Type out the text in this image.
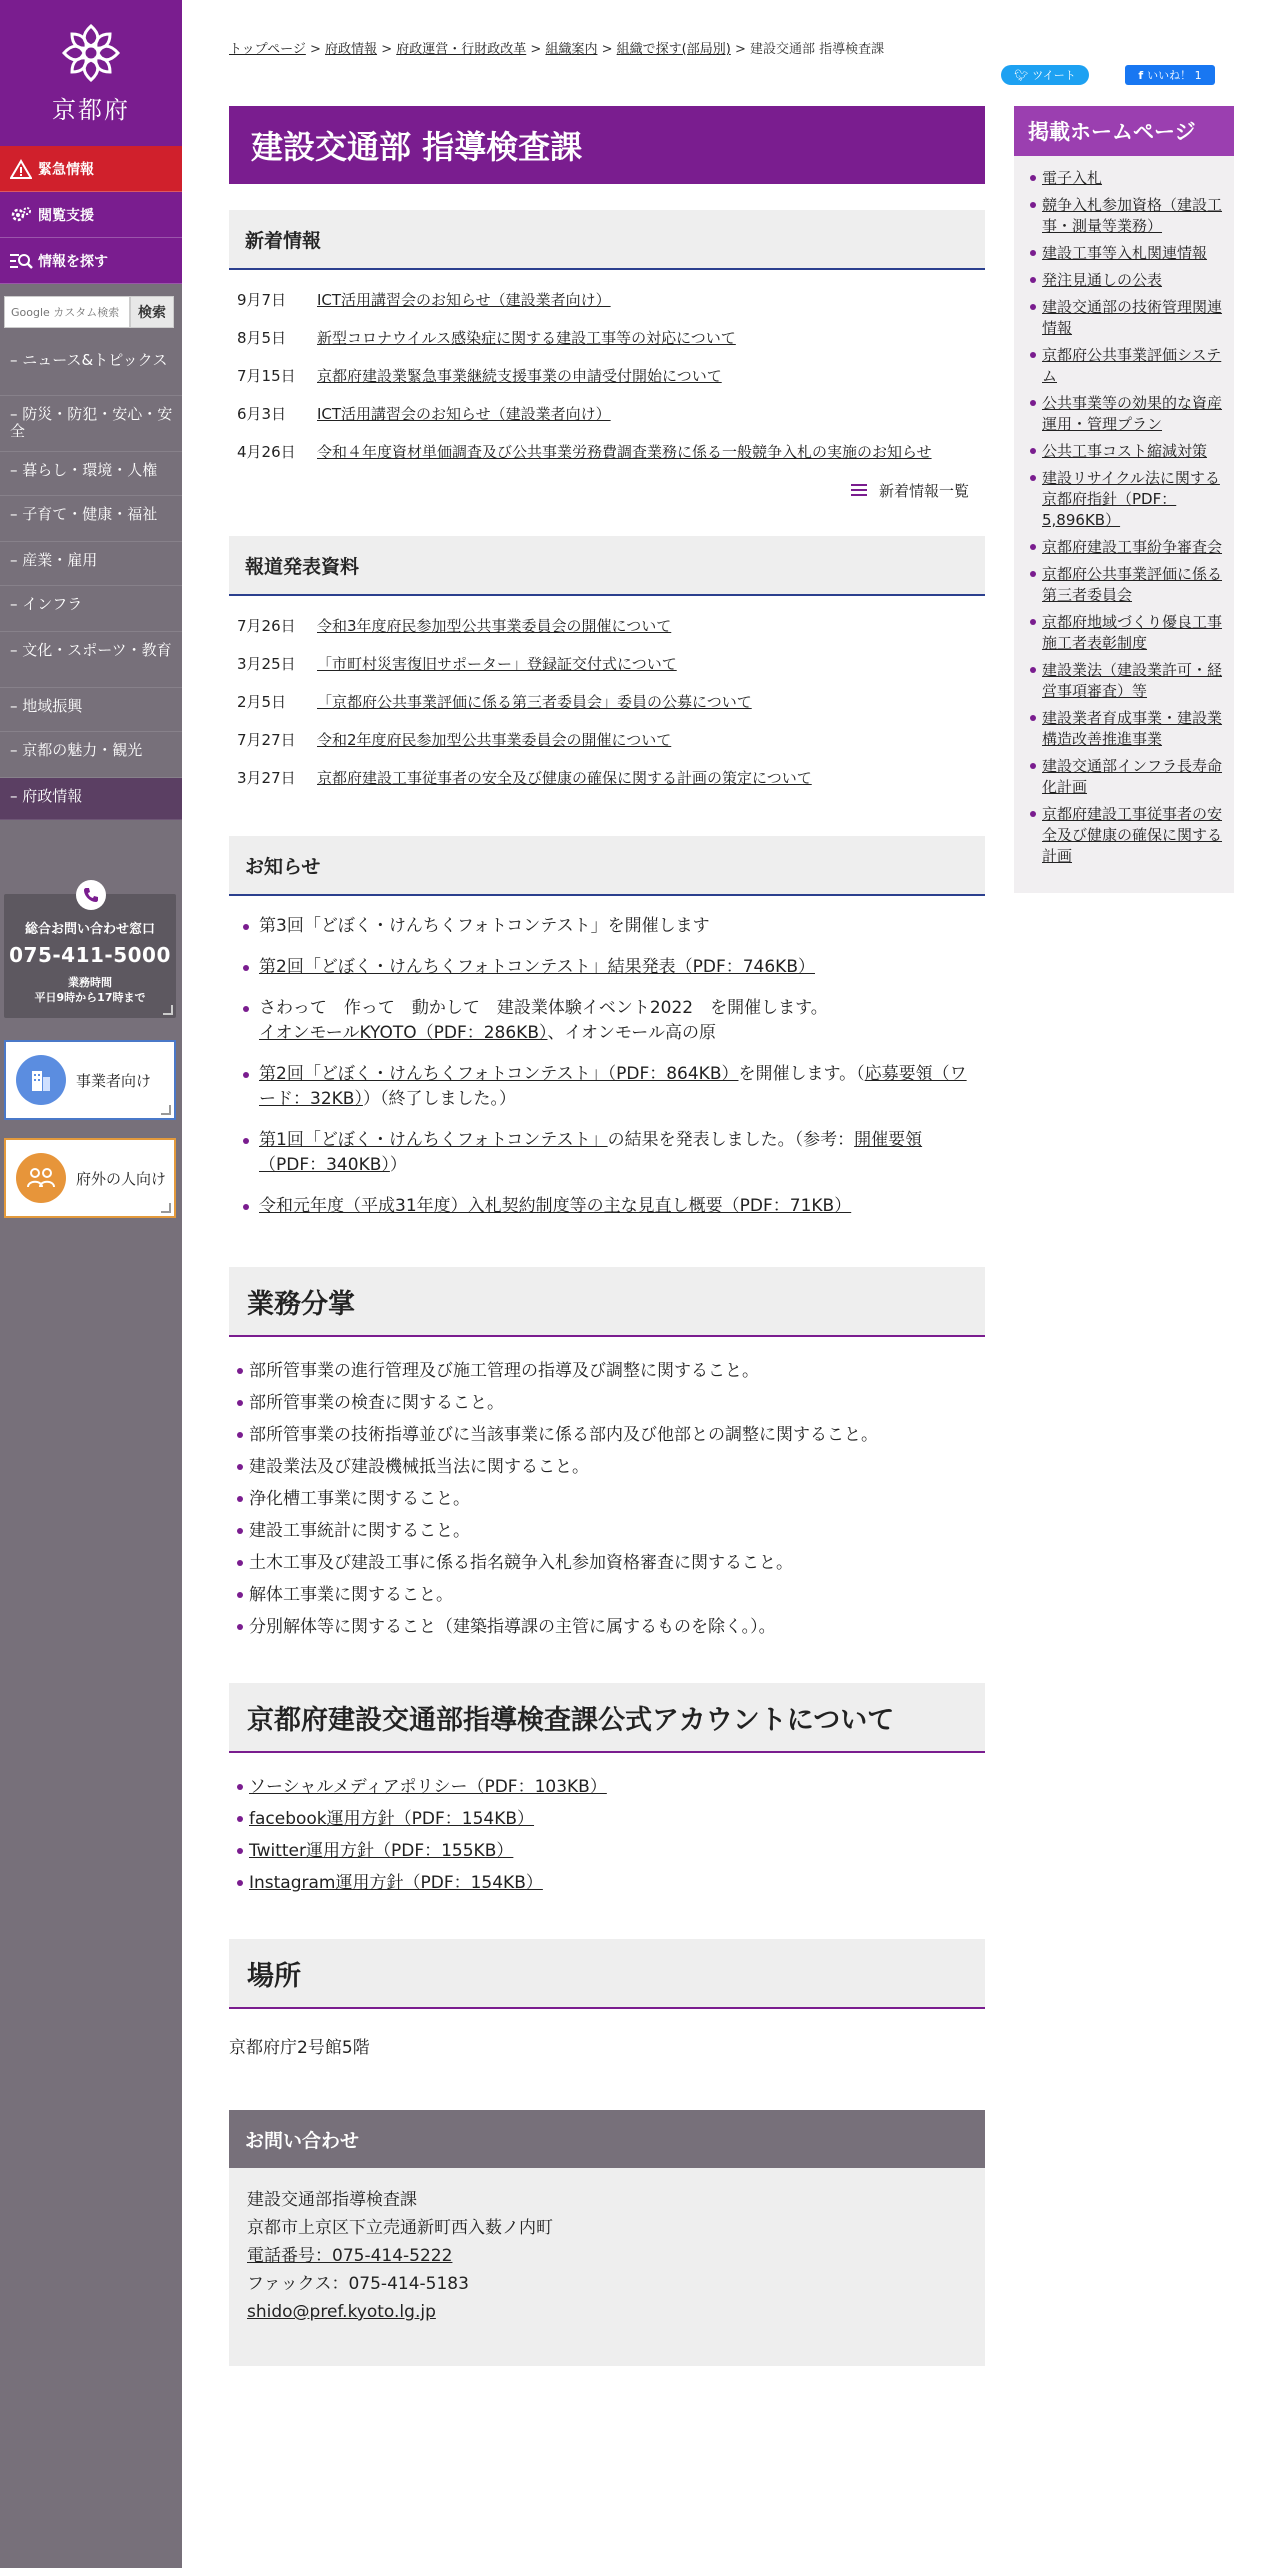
京都府
緊急情報
閲覧支援
情報を探す
Google カスタム検索
検索
– ニュース&トピックス
– 防災・防犯・安心・安全
– 暮らし・環境・人権
– 子育て・健康・福祉
– 産業・雇用
– インフラ
– 文化・スポーツ・教育
– 地域振興
– 京都の魅力・観光
– 府政情報
総合お問い合わせ窓口
075-411-5000
業務時間
平日9時から17時まで
事業者向け
府外の人向け
トップページ > 府政情報 > 府政運営・行財政改革 > 組織案内 > 組織で探す(部局別) > 建設交通部 指導検査課
🐦︎ ツイート	f いいね！ 1
建設交通部 指導検査課
新着情報
9月7日	ICT活用講習会のお知らせ（建設業者向け）
8月5日	新型コロナウイルス感染症に関する建設工事等の対応について
7月15日	京都府建設業緊急事業継続支援事業の申請受付開始について
6月3日	ICT活用講習会のお知らせ（建設業者向け）
4月26日	令和４年度資材単価調査及び公共事業労務費調査業務に係る一般競争入札の実施のお知らせ
新着情報一覧
報道発表資料
7月26日	令和3年度府民参加型公共事業委員会の開催について
3月25日	「市町村災害復旧サポーター」登録証交付式について
2月5日	「京都府公共事業評価に係る第三者委員会」委員の公募について
7月27日	令和2年度府民参加型公共事業委員会の開催について
3月27日	京都府建設工事従事者の安全及び健康の確保に関する計画の策定について
お知らせ
第3回「どぼく・けんちくフォトコンテスト」を開催します
第2回「どぼく・けんちくフォトコンテスト」結果発表（PDF：746KB）
さわって　作って　動かして　建設業体験イベント2022　を開催します。
イオンモールKYOTO（PDF：286KB）、イオンモール高の原
第2回「どぼく・けんちくフォトコンテスト」（PDF：864KB）を開催します。（応募要領（ワード：32KB））（終了しました。）
第1回「どぼく・けんちくフォトコンテスト」の結果を発表しました。（参考：開催要領（PDF：340KB））
令和元年度（平成31年度）入札契約制度等の主な見直し概要（PDF：71KB）
業務分掌
部所管事業の進行管理及び施工管理の指導及び調整に関すること。
部所管事業の検査に関すること。
部所管事業の技術指導並びに当該事業に係る部内及び他部との調整に関すること。
建設業法及び建設機械抵当法に関すること。
浄化槽工事業に関すること。
建設工事統計に関すること。
土木工事及び建設工事に係る指名競争入札参加資格審査に関すること。
解体工事業に関すること。
分別解体等に関すること（建築指導課の主管に属するものを除く。）。
京都府建設交通部指導検査課公式アカウントについて
ソーシャルメディアポリシー（PDF：103KB）
facebook運用方針（PDF：154KB）
Twitter運用方針（PDF：155KB）
Instagram運用方針（PDF：154KB）
場所
京都府庁2号館5階
お問い合わせ
建設交通部指導検査課
京都市上京区下立売通新町西入薮ノ内町
電話番号：075-414-5222
ファックス：075-414-5183
shido@pref.kyoto.lg.jp
掲載ホームページ
電子入札
競争入札参加資格（建設工事・測量等業務）
建設工事等入札関連情報
発注見通しの公表
建設交通部の技術管理関連情報
京都府公共事業評価システム
公共事業等の効果的な資産運用・管理プラン
公共工事コスト縮減対策
建設リサイクル法に関する京都府指針（PDF：5,896KB）
京都府建設工事紛争審査会
京都府公共事業評価に係る第三者委員会
京都府地域づくり優良工事施工者表彰制度
建設業法（建設業許可・経営事項審査）等
建設業者育成事業・建設業構造改善推進事業
建設交通部インフラ長寿命化計画
京都府建設工事従事者の安全及び健康の確保に関する計画
